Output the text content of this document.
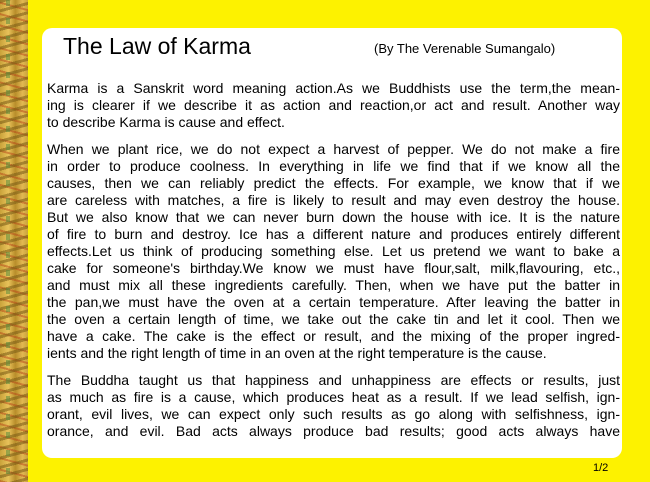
The Law of Karma	(By The Verenable Sumangalo)
Karma is a Sanskrit word meaning action.As we Buddhists use the term,the mean-
ing is clearer if we describe it as action and reaction,or act and result. Another way
to describe Karma is cause and effect.
When we plant rice, we do not expect a harvest of pepper. We do not make a fire
in order to produce coolness. In everything in life we find that if we know all the
causes, then we can reliably predict the effects. For example, we know that if we
are careless with matches, a fire is likely to result and may even destroy the house.
But we also know that we can never burn down the house with ice. It is the nature
of fire to burn and destroy. Ice has a different nature and produces entirely different
effects.Let us think of producing something else. Let us pretend we want to bake a
cake for someone's birthday.We know we must have flour,salt, milk,flavouring, etc.,
and must mix all these ingredients carefully. Then, when we have put the batter in
the pan,we must have the oven at a certain temperature. After leaving the batter in
the oven a certain length of time, we take out the cake tin and let it cool. Then we
have a cake. The cake is the effect or result, and the mixing of the proper ingred-
ients and the right length of time in an oven at the right temperature is the cause.
The Buddha taught us that happiness and unhappiness are effects or results, just
as much as fire is a cause, which produces heat as a result. If we lead selfish, ign-
orant, evil lives, we can expect only such results as go along with selfishness, ign-
orance, and evil. Bad acts always produce bad results; good acts always have
1/2
